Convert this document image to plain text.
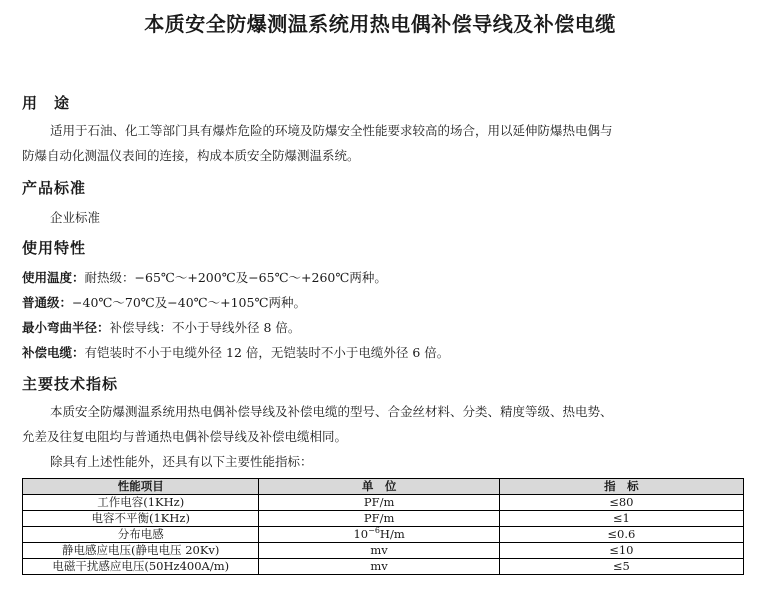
本质安全防爆测温系统用热电偶补偿导线及补偿电缆
用　途
适用于石油、化工等部门具有爆炸危险的环境及防爆安全性能要求较高的场合，用以延伸防爆热电偶与
防爆自动化测温仪表间的连接，构成本质安全防爆测温系统。
产品标准
企业标准
使用特性
使用温度：耐热级：−65℃～+200℃及−65℃～+260℃两种。
普通级：−40℃～70℃及−40℃～+105℃两种。
最小弯曲半径：补偿导线：不小于导线外径 8 倍。
补偿电缆：有铠装时不小于电缆外径 12 倍，无铠装时不小于电缆外径 6 倍。
主要技术指标
本质安全防爆测温系统用热电偶补偿导线及补偿电缆的型号、合金丝材料、分类、精度等级、热电势、
允差及往复电阻均与普通热电偶补偿导线及补偿电缆相同。
除具有上述性能外，还具有以下主要性能指标：
性能项目	单　位	指　标
工作电容(1KHz)	PF/m	≤80
电容不平衡(1KHz)	PF/m	≤1
分布电感	$10^{-6}H/m$	≤0.6
静电感应电压(静电电压 20Kv)	mv	≤10
电磁干扰感应电压(50Hz400A/m)	mv	≤5
